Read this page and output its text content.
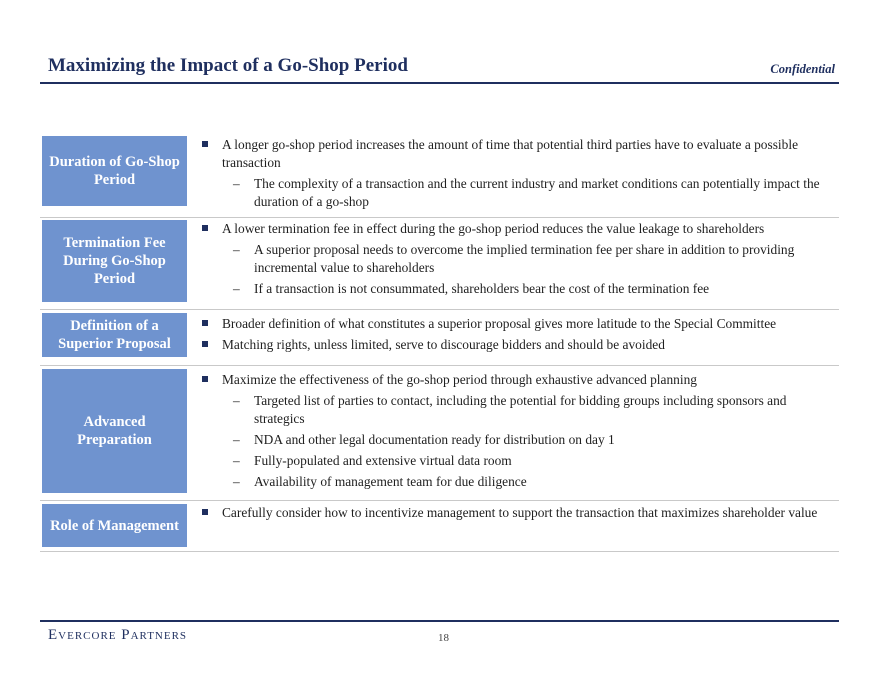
Maximizing the Impact of a Go-Shop Period	Confidential
Duration of Go-Shop Period
A longer go-shop period increases the amount of time that potential third parties have to evaluate a possible transaction
– The complexity of a transaction and the current industry and market conditions can potentially impact the duration of a go-shop
Termination Fee During Go-Shop Period
A lower termination fee in effect during the go-shop period reduces the value leakage to shareholders
– A superior proposal needs to overcome the implied termination fee per share in addition to providing incremental value to shareholders
– If a transaction is not consummated, shareholders bear the cost of the termination fee
Definition of a Superior Proposal
Broader definition of what constitutes a superior proposal gives more latitude to the Special Committee
Matching rights, unless limited, serve to discourage bidders and should be avoided
Advanced Preparation
Maximize the effectiveness of the go-shop period through exhaustive advanced planning
– Targeted list of parties to contact, including the potential for bidding groups including sponsors and strategics
– NDA and other legal documentation ready for distribution on day 1
– Fully-populated and extensive virtual data room
– Availability of management team for due diligence
Role of Management
Carefully consider how to incentivize management to support the transaction that maximizes shareholder value
Evercore Partners	18
